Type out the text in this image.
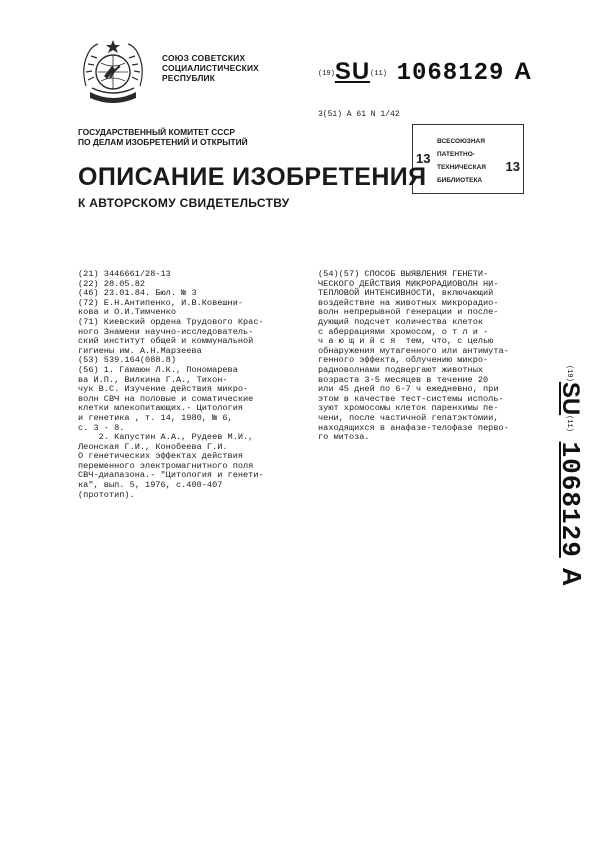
СОЮЗ СОВЕТСКИХ
СОЦИАЛИСТИЧЕСКИХ
РЕСПУБЛИК	$^{(19)}$SU$^{(11)}$ 1068129 A
3(51) A 61 N 1/42
ГОСУДАРСТВЕННЫЙ КОМИТЕТ СССР
ПО ДЕЛАМ ИЗОБРЕТЕНИЙ И ОТКРЫТИЙ
13
ВСЕСОЮЗНАЯ
ПАТЕНТНО-
ТЕХНИЧЕСКАЯ
БИБЛИОТЕКА
13
ОПИСАНИЕ ИЗОБРЕТЕНИЯ
К АВТОРСКОМУ СВИДЕТЕЛЬСТВУ
(21) 3446661/28-13
(22) 28.05.82
(46) 23.01.84. Бюл. № 3
(72) Е.Н.Антипенко, И.В.Ковешни-
кова и О.И.Тимченко
(71) Киевский ордена Трудового Крас-
ного Знамени научно-исследователь-
ский институт общей и коммунальной
гигиены им. А.Н.Марзеева
(53) 539.164(088.8)
(56) 1. Гамаюн Л.К., Пономарева
ва И.П., Вилкина Г.А., Тихон-
чук В.С. Изучение действия микро-
волн СВЧ на половые и соматические
клетки млекопитающих.- Цитология
и генетика , т. 14, 1980, № 6,
с. 3 - 8.
2. Капустин А.А., Рудеев М.И.,
Леонская Г.И., Конобеева Г.И.
О генетических эффектах действия
переменного электромагнитного поля
СВЧ-диапазона.- "Цитология и генети-
ка", вып. 5, 1976, с.400-407
(прототип).
(54)(57) СПОСОБ ВЫЯВЛЕНИЯ ГЕНЕТИ-
ЧЕСКОГО ДЕЙСТВИЯ МИКРОРАДИОВОЛН НИ-
ТЕПЛОВОЙ ИНТЕНСИВНОСТИ, включающий
воздействие на животных микрорадио-
волн непрерывной генерации и после-
дующий подсчет количества клеток
с аберрациями хромосом, о т л и -
ч а ю щ и й с я  тем, что, с целью
обнаружения мутагенного или антимута-
генного эффекта, облучению микро-
радиоволнами подвергают животных
возраста 3-5 месяцев в течение 20
или 45 дней по 6-7 ч ежедневно, при
этом в качестве тест-системы исполь-
зуют хромосомы клеток паренхимы пе-
чени, после частичной гепатэктомии,
находящихся в анафазе-телофазе перво-
го митоза.
$^{(19)}$SU$^{(11)}$ 1068129 A
